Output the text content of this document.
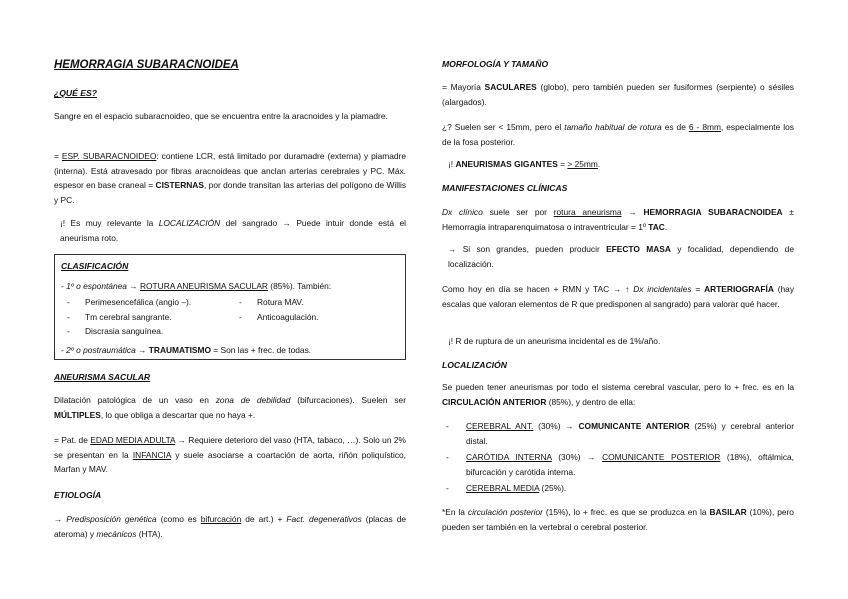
HEMORRAGIA SUBARACNOIDEA
¿QUÉ ES?

Sangre en el espacio subaracnoideo, que se encuentra entre la aracnoides y la piamadre.

= ESP. SUBARACNOIDEO: contiene LCR, está limitado por duramadre (externa) y piamadre (interna). Está atravesado por fibras aracnoideas que anclan arterias cerebrales y PC. Máx. espesor en base craneal = CISTERNAS, por donde transitan las arterias del polígono de Willis y PC.

¡! Es muy relevante la LOCALIZACIÓN del sangrado → Puede intuir donde está el aneurisma roto.

CLASIFICACIÓN
- 1º o espontánea → ROTURA ANEURISMA SACULAR (85%). También:
- Perimesencefálica (angio –).
- Tm cerebral sangrante.
- Discrasia sanguínea.
- Rotura MAV.
- Anticoagulación.
- 2º o postraumática → TRAUMATISMO = Son las + frec. de todas.
ANEURISMA SACULAR

Dilatación patológica de un vaso en zona de debilidad (bifurcaciones). Suelen ser MÚLTIPLES, lo que obliga a descartar que no haya +.

= Pat. de EDAD MEDIA ADULTA → Requiere deterioro del vaso (HTA, tabaco, …). Solo un 2% se presentan en la INFANCIA y suele asociarse a coartación de aorta, riñón poliquístico, Marfan y MAV.

ETIOLOGÍA

→ Predisposición genética (como es bifurcación de art.) + Fact. degenerativos (placas de ateroma) y mecánicos (HTA).

MORFOLOGÍA Y TAMAÑO

= Mayoría SACULARES (globo), pero también pueden ser fusiformes (serpiente) o sésiles (alargados).

¿? Suelen ser < 15mm, pero el tamaño habitual de rotura es de 6 - 8mm, especialmente los de la fosa posterior.

¡! ANEURISMAS GIGANTES = > 25mm.

MANIFESTACIONES CLÍNICAS

Dx clínico suele ser por rotura aneurisma → HEMORRAGIA SUBARACNOIDEA ± Hemorragia intraparenquimatosa o intraventricular = 1º TAC.

→ Si son grandes, pueden producir EFECTO MASA y focalidad, dependiendo de localización.

Como hoy en día se hacen + RMN y TAC → ↑ Dx incidentales = ARTERIOGRAFÍA (hay escalas que valoran elementos de R que predisponen al sangrado) para valorar qué hacer.

¡! R de ruptura de un aneurisma incidental es de 1%/año.

LOCALIZACIÓN

Se pueden tener aneurismas por todo el sistema cerebral vascular, pero lo + frec. es en la CIRCULACIÓN ANTERIOR (85%), y dentro de ella:

- CEREBRAL ANT. (30%) → COMUNICANTE ANTERIOR (25%) y cerebral anterior distal.

- CARÓTIDA INTERNA (30%) → COMUNICANTE POSTERIOR (18%), oftálmica, bifurcación y carótida interna.

- CEREBRAL MEDIA (25%).

*En la circulación posterior (15%), lo + frec. es que se produzca en la BASILAR (10%), pero pueden ser también en la vertebral o cerebral posterior.
